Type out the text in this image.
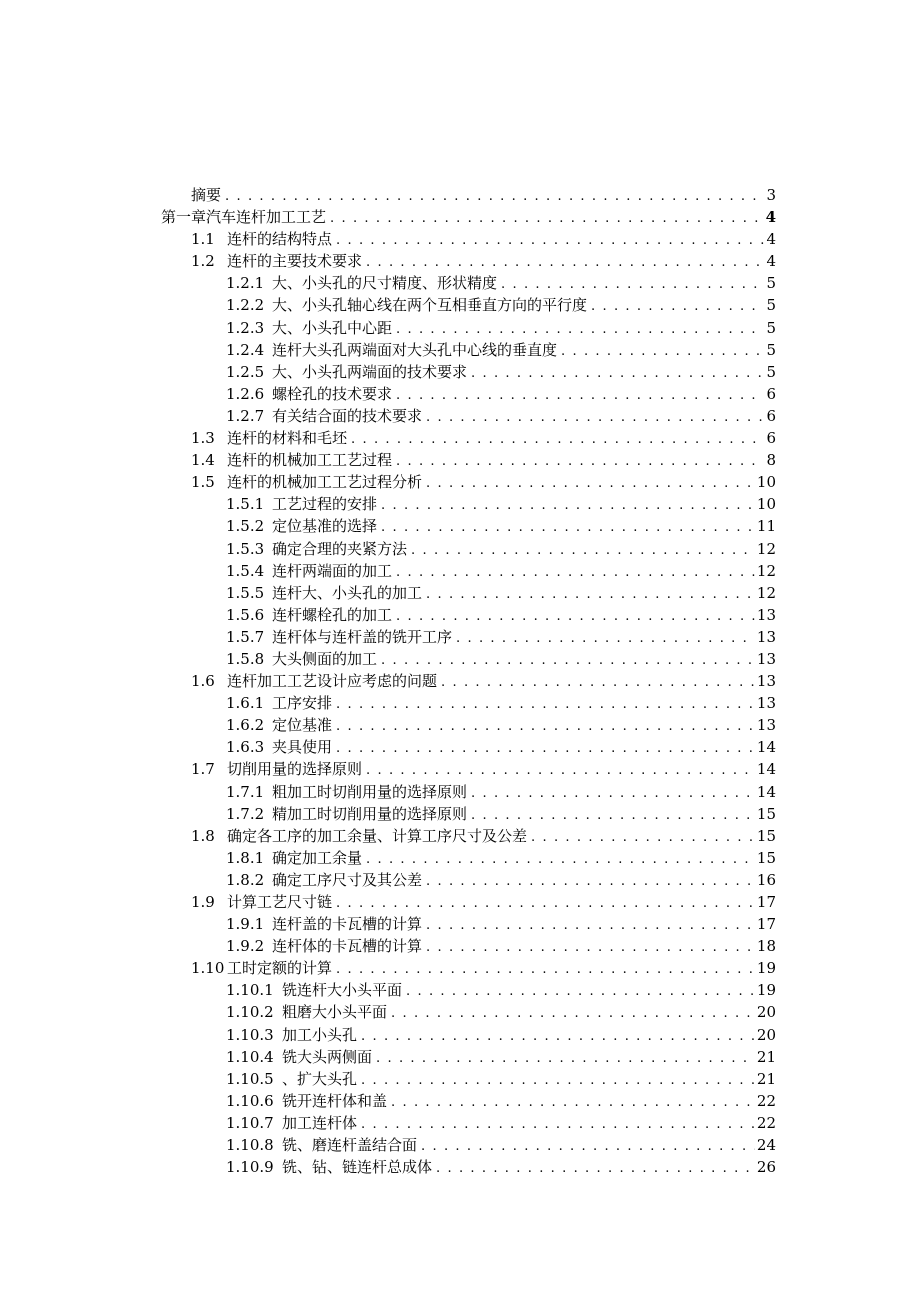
摘要 . . .	3
第一章汽车连杆加工工艺 . . .	4
1.1 连杆的结构特点 . . .	4
1.2 连杆的主要技术要求 . . .	4
1.2.1 大、小头孔的尺寸精度、形状精度 . . .	5
1.2.2 大、小头孔轴心线在两个互相垂直方向的平行度 . . .	5
1.2.3 大、小头孔中心距 . . .	5
1.2.4 连杆大头孔两端面对大头孔中心线的垂直度 . . .	5
1.2.5 大、小头孔两端面的技术要求 . . .	5
1.2.6 螺栓孔的技术要求 . . .	6
1.2.7 有关结合面的技术要求 . . .	6
1.3 连杆的材料和毛坯 . . .	6
1.4 连杆的机械加工工艺过程 . . .	8
1.5 连杆的机械加工工艺过程分析 . . .	10
1.5.1 工艺过程的安排 . . .	10
1.5.2 定位基准的选择 . . .	11
1.5.3 确定合理的夹紧方法 . . .	12
1.5.4 连杆两端面的加工 . . .	12
1.5.5 连杆大、小头孔的加工 . . .	12
1.5.6 连杆螺栓孔的加工 . . .	13
1.5.7 连杆体与连杆盖的铣开工序 . . .	13
1.5.8 大头侧面的加工 . . .	13
1.6 连杆加工工艺设计应考虑的问题 . . .	13
1.6.1 工序安排 . . .	13
1.6.2 定位基准 . . .	13
1.6.3 夹具使用 . . .	14
1.7 切削用量的选择原则 . . .	14
1.7.1 粗加工时切削用量的选择原则 . . .	14
1.7.2 精加工时切削用量的选择原则 . . .	15
1.8 确定各工序的加工余量、计算工序尺寸及公差 . . .	15
1.8.1 确定加工余量 . . .	15
1.8.2 确定工序尺寸及其公差 . . .	16
1.9 计算工艺尺寸链 . . .	17
1.9.1 连杆盖的卡瓦槽的计算 . . .	17
1.9.2 连杆体的卡瓦槽的计算 . . .	18
1.10 工时定额的计算 . . .	19
1.10.1 铣连杆大小头平面 . . .	19
1.10.2 粗磨大小头平面 . . .	20
1.10.3 加工小头孔 . . .	20
1.10.4 铣大头两侧面 . . .	21
1.10.5 、扩大头孔 . . .	21
1.10.6 铣开连杆体和盖 . . .	22
1.10.7 加工连杆体 . . .	22
1.10.8 铣、磨连杆盖结合面 . . .	24
1.10.9 铣、钻、链连杆总成体 . . .	26
